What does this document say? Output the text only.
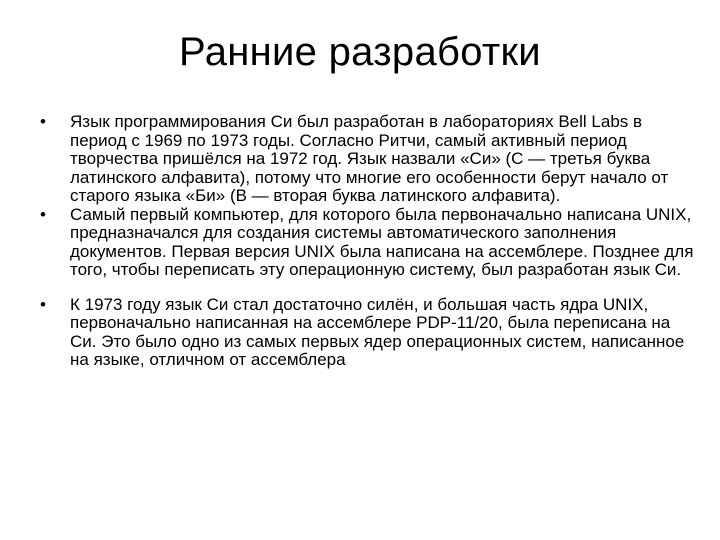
Ранние разработки
•	Язык программирования Си был разработан в лабораториях Bell Labs в период с 1969 по 1973 годы. Согласно Ритчи, самый активный период творчества пришёлся на 1972 год. Язык назвали «Си» (C — третья буква латинского алфавита), потому что многие его особенности берут начало от старого языка «Би» (B — вторая буква латинского алфавита).
•	Самый первый компьютер, для которого была первоначально написана UNIX, предназначался для создания системы автоматического заполнения документов. Первая версия UNIX была написана на ассемблере. Позднее для того, чтобы переписать эту операционную систему, был разработан язык Си.
•	К 1973 году язык Си стал достаточно силён, и большая часть ядра UNIX, первоначально написанная на ассемблере PDP-11/20, была переписана на Си. Это было одно из самых первых ядер операционных систем, написанное на языке, отличном от ассемблера
